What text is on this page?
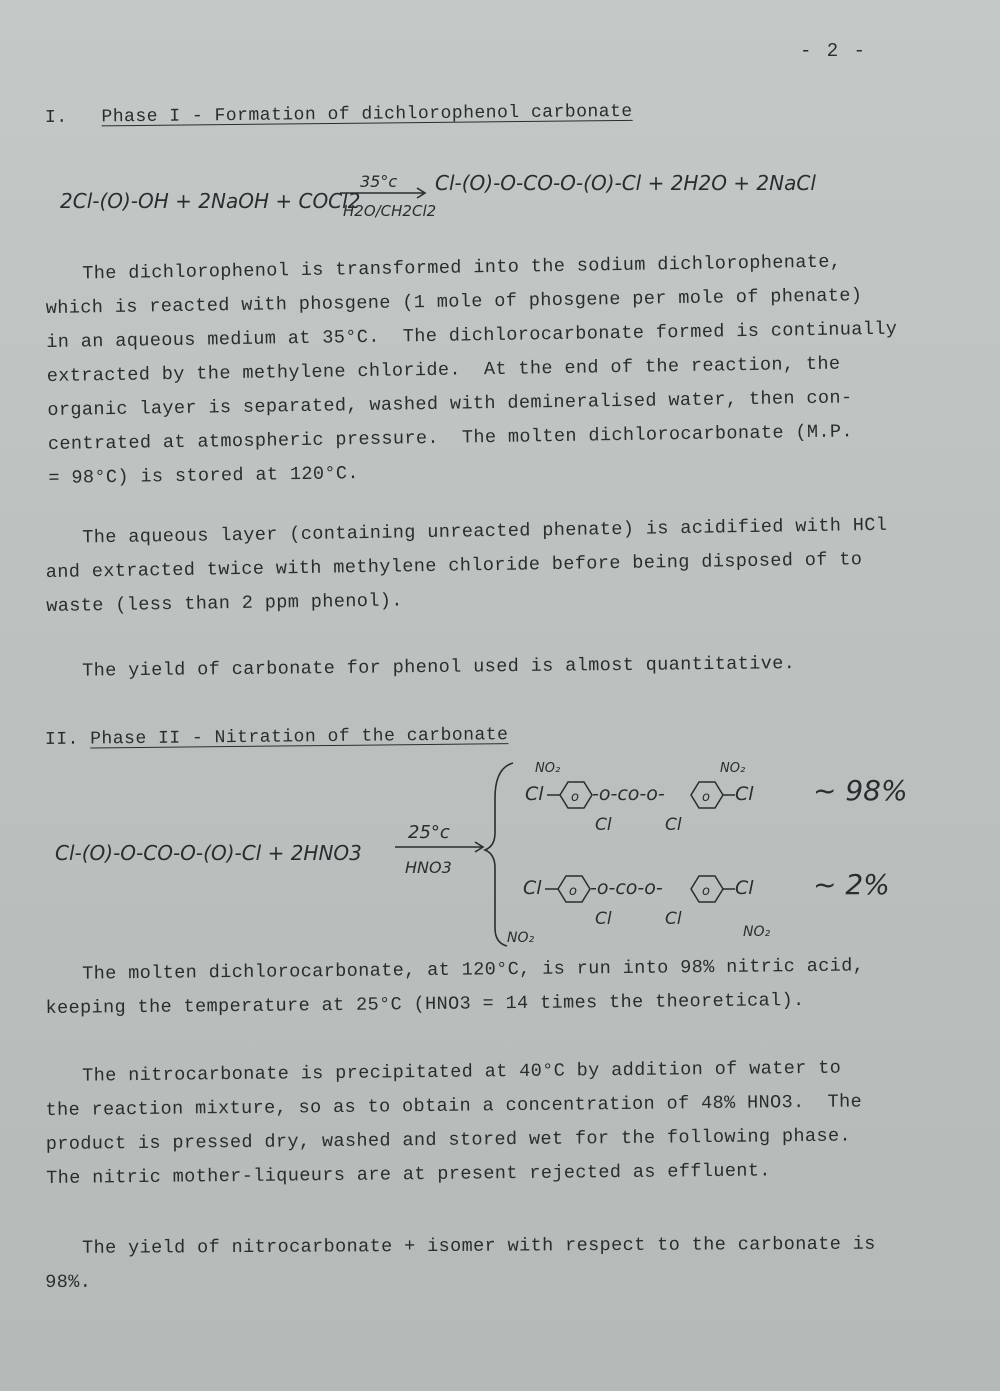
- 2 -
I. Phase I - Formation of dichlorophenol carbonate
2Cl-(O)-OH + 2NaOH + COCl2
35°c
H2O/CH2Cl2
Cl-(O)-O-CO-O-(O)-Cl + 2H2O + 2NaCl
The dichlorophenol is transformed into the sodium dichlorophenate,
which is reacted with phosgene (1 mole of phosgene per mole of phenate)
in an aqueous medium at 35°C.  The dichlorocarbonate formed is continually
extracted by the methylene chloride.  At the end of the reaction, the
organic layer is separated, washed with demineralised water, then con-
centrated at atmospheric pressure.  The molten dichlorocarbonate (M.P.
= 98°C) is stored at 120°C.
The aqueous layer (containing unreacted phenate) is acidified with HCl
and extracted twice with methylene chloride before being disposed of to
waste (less than 2 ppm phenol).
The yield of carbonate for phenol used is almost quantitative.
II. Phase II - Nitration of the carbonate
Cl-(O)-O-CO-O-(O)-Cl + 2HNO3
25°c
HNO3
Cl o -o-co-o-	o Cl
NO₂	NO₂
Cl	Cl
~ 98%
Cl o -o-co-o-	o Cl
Cl	Cl
NO₂	NO₂
~ 2%
The molten dichlorocarbonate, at 120°C, is run into 98% nitric acid,
keeping the temperature at 25°C (HNO3 = 14 times the theoretical).
The nitrocarbonate is precipitated at 40°C by addition of water to
the reaction mixture, so as to obtain a concentration of 48% HNO3.  The
product is pressed dry, washed and stored wet for the following phase.
The nitric mother-liqueurs are at present rejected as effluent.
The yield of nitrocarbonate + isomer with respect to the carbonate is
98%.
